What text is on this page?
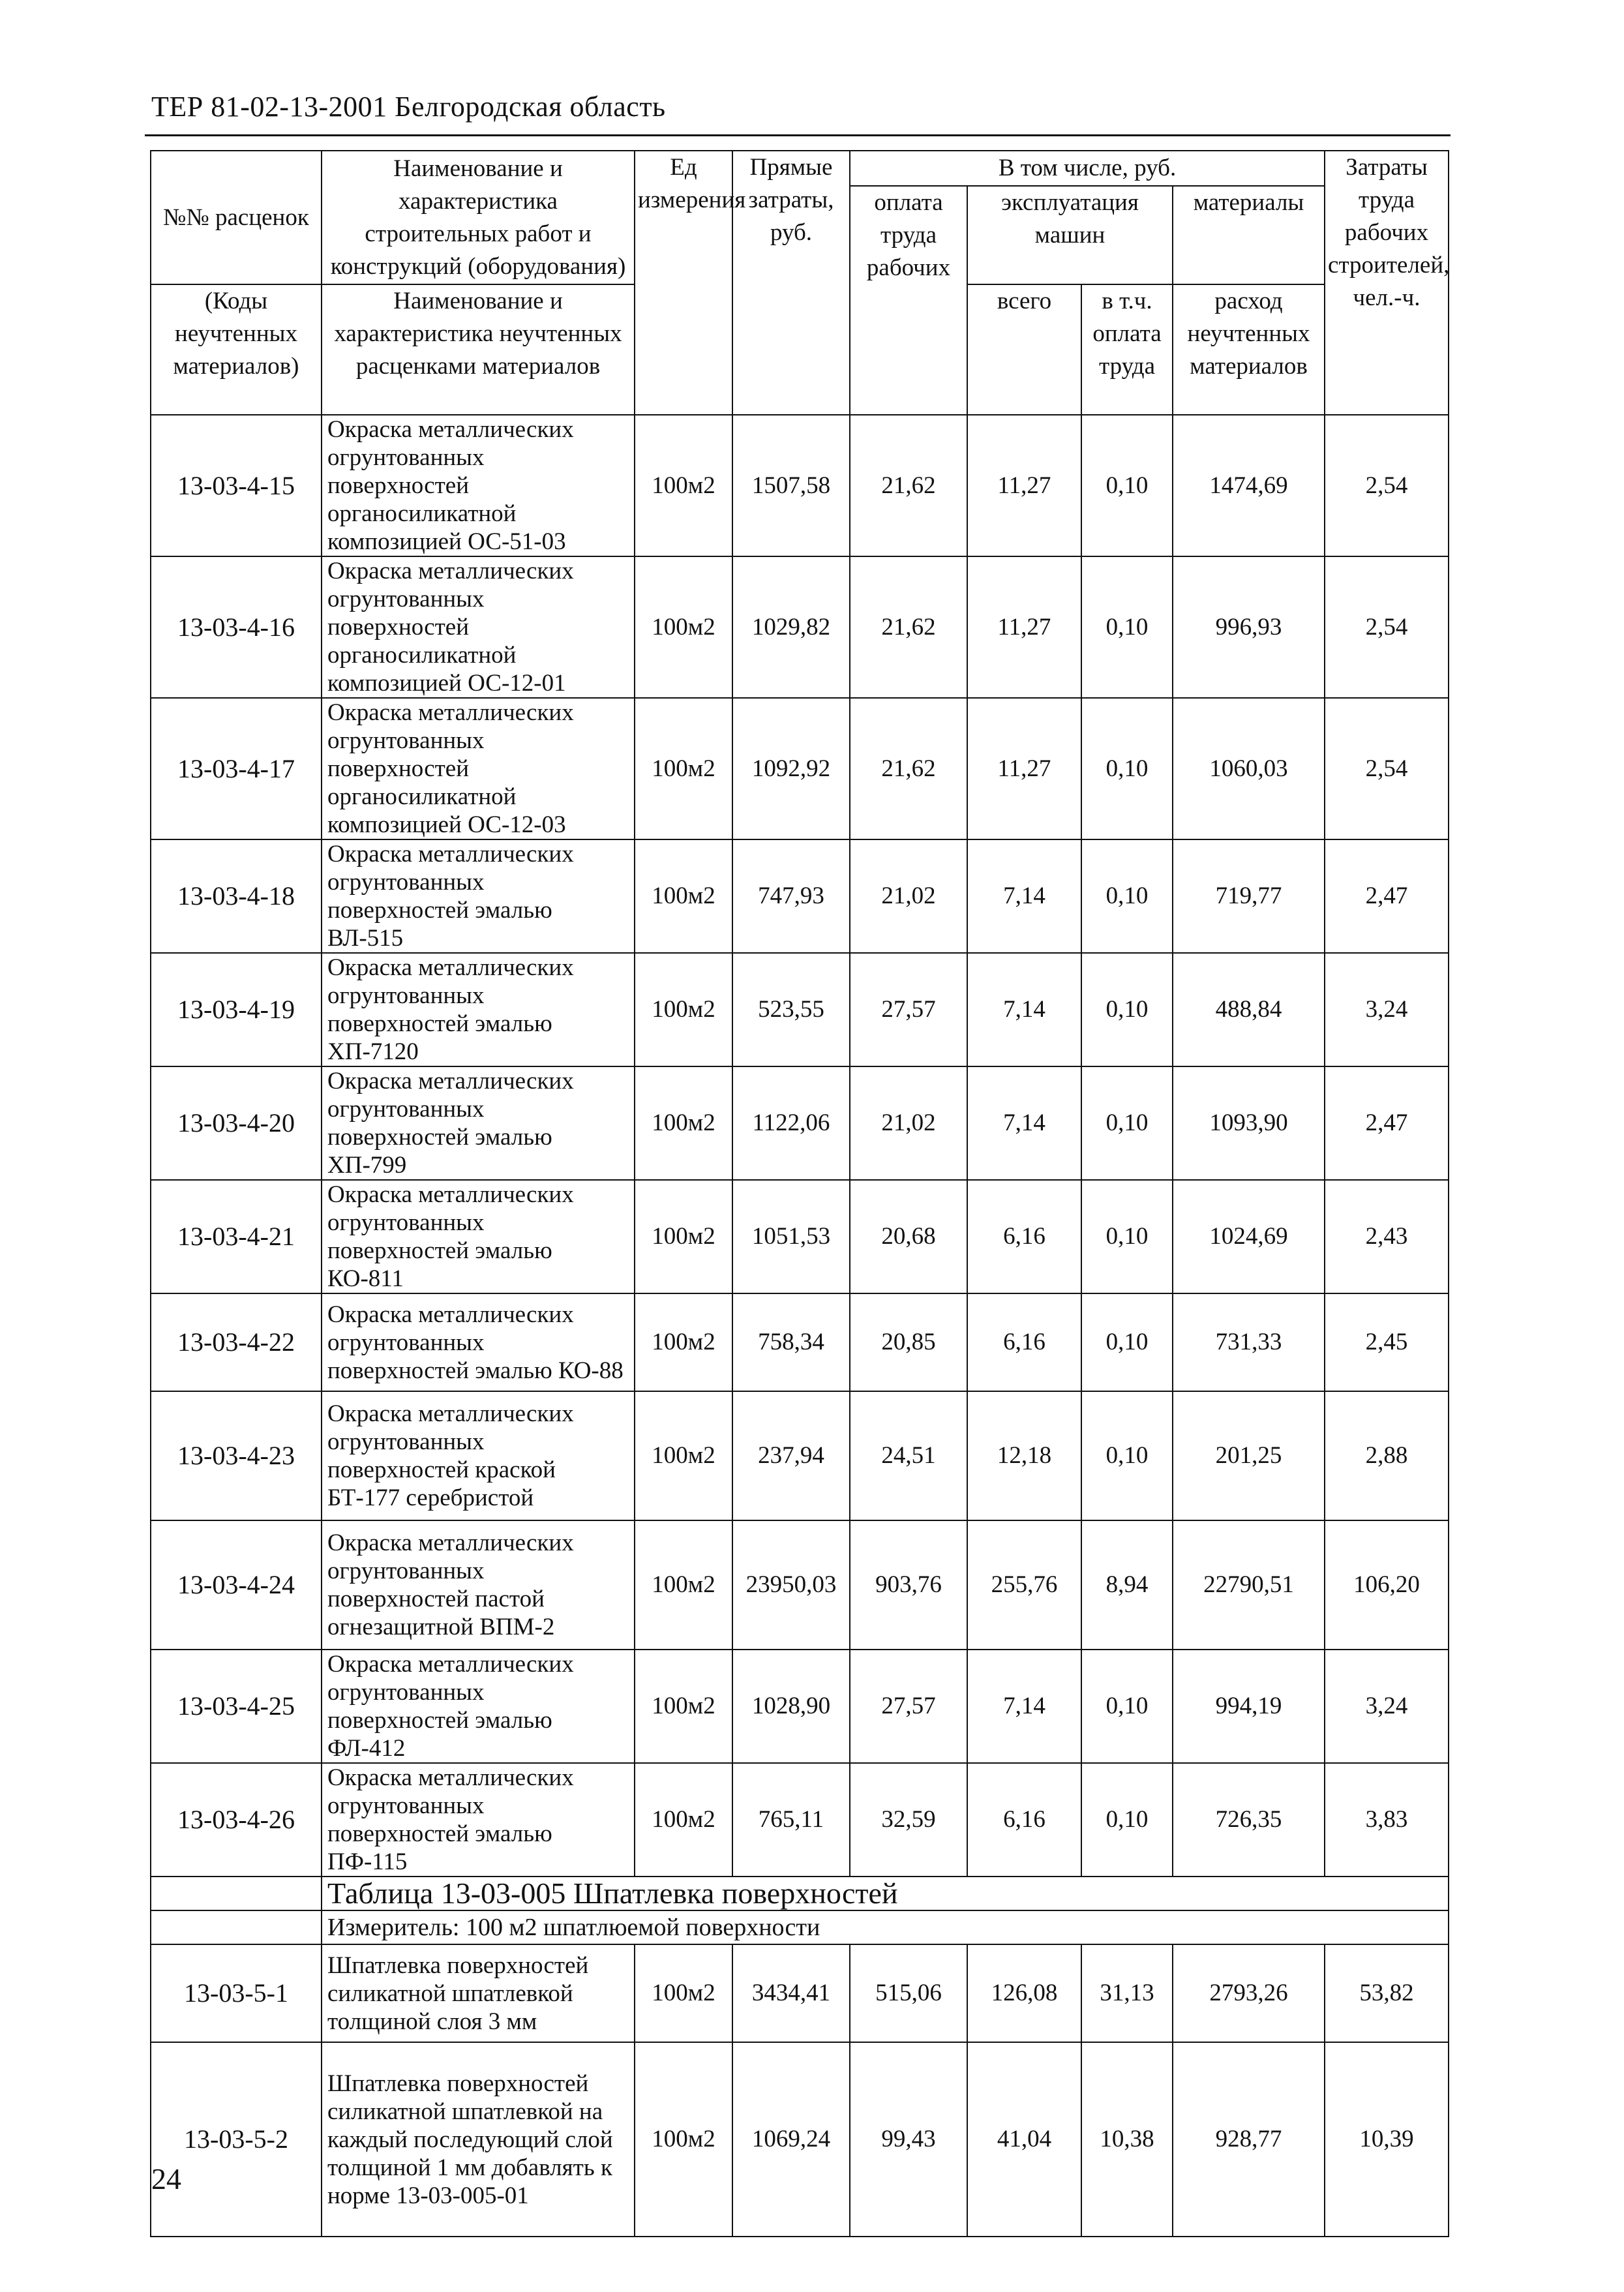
ТЕР 81-02-13-2001 Белгородская область
№№ расценок	Наименование и характеристика строительных работ и конструкций (оборудования)	Ед измерения	Прямые затраты, руб.	В том числе, руб.				Затраты труда рабочих строителей, чел.-ч.
				оплата труда рабочих	эксплуатация машин		материалы	

(Коды неучтенных материалов)	Наименование и характеристика неучтенных расценками материалов				всего	в т.ч. оплата труда	расход неучтенных материалов	

13-03-4-15	Окраска металлических огрунтованных поверхностей органосиликатной композицией ОС-51-03	100м2	1507,58	21,62	11,27	0,10	1474,69	2,54
13-03-4-16	Окраска металлических огрунтованных поверхностей органосиликатной композицией ОС-12-01	100м2	1029,82	21,62	11,27	0,10	996,93	2,54
13-03-4-17	Окраска металлических огрунтованных поверхностей органосиликатной композицией ОС-12-03	100м2	1092,92	21,62	11,27	0,10	1060,03	2,54
13-03-4-18	Окраска металлических огрунтованных поверхностей эмалью ВЛ-515	100м2	747,93	21,02	7,14	0,10	719,77	2,47
13-03-4-19	Окраска металлических огрунтованных поверхностей эмалью ХП-7120	100м2	523,55	27,57	7,14	0,10	488,84	3,24
13-03-4-20	Окраска металлических огрунтованных поверхностей эмалью ХП-799	100м2	1122,06	21,02	7,14	0,10	1093,90	2,47
13-03-4-21	Окраска металлических огрунтованных поверхностей эмалью КО-811	100м2	1051,53	20,68	6,16	0,10	1024,69	2,43
13-03-4-22	Окраска металлических огрунтованных поверхностей эмалью КО-88	100м2	758,34	20,85	6,16	0,10	731,33	2,45
13-03-4-23	Окраска металлических огрунтованных поверхностей краской БТ-177 серебристой	100м2	237,94	24,51	12,18	0,10	201,25	2,88
13-03-4-24	Окраска металлических огрунтованных поверхностей пастой огнезащитной ВПМ-2	100м2	23950,03	903,76	255,76	8,94	22790,51	106,20
13-03-4-25	Окраска металлических огрунтованных поверхностей эмалью ФЛ-412	100м2	1028,90	27,57	7,14	0,10	994,19	3,24
13-03-4-26	Окраска металлических огрунтованных поверхностей эмалью ПФ-115	100м2	765,11	32,59	6,16	0,10	726,35	3,83
	Таблица 13-03-005 Шпатлевка поверхностей							
	Измеритель: 100 м2 шпатлюемой поверхности							
13-03-5-1	Шпатлевка поверхностей силикатной шпатлевкой толщиной слоя 3 мм	100м2	3434,41	515,06	126,08	31,13	2793,26	53,82
13-03-5-2	Шпатлевка поверхностей силикатной шпатлевкой на каждый последующий слой толщиной 1 мм добавлять к норме 13-03-005-01	100м2	1069,24	99,43	41,04	10,38	928,77	10,39
24
